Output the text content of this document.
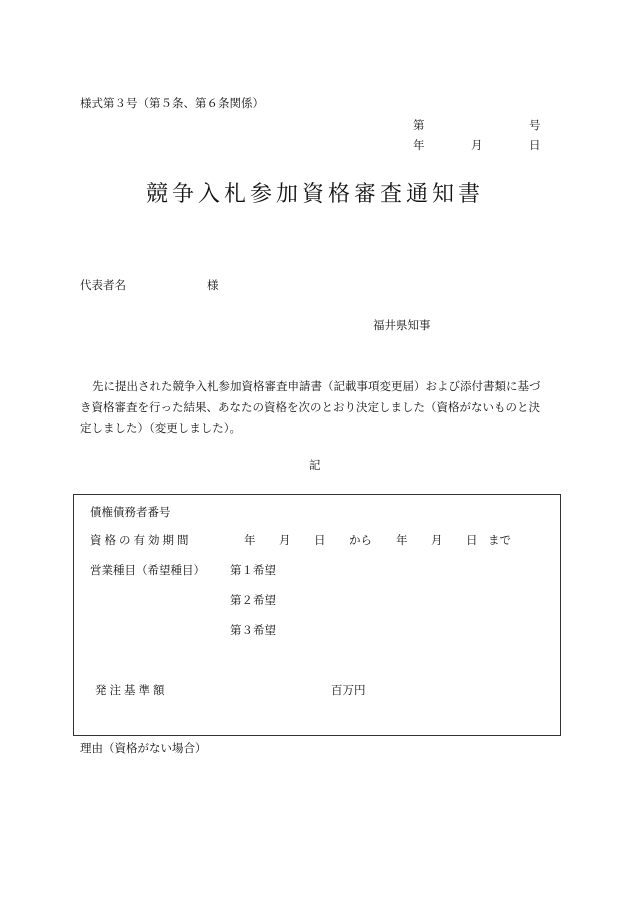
様式第３号（第５条、第６条関係）
第	号
年	月	日
競争入札参加資格審査通知書
代表者名	様
福井県知事
先に提出された競争入札参加資格審査申請書（記載事項変更届）および添付書類に基づき資格審査を行った結果、あなたの資格を次のとおり決定しました（資格がないものと決定しました）（変更しました）。
記
債権債務者番号
資格の有効期間	年 月 日 から 年 月 日 まで
営業種目（希望種目） 第１希望
第２希望
第３希望
発注基準額	百万円
理由（資格がない場合）
